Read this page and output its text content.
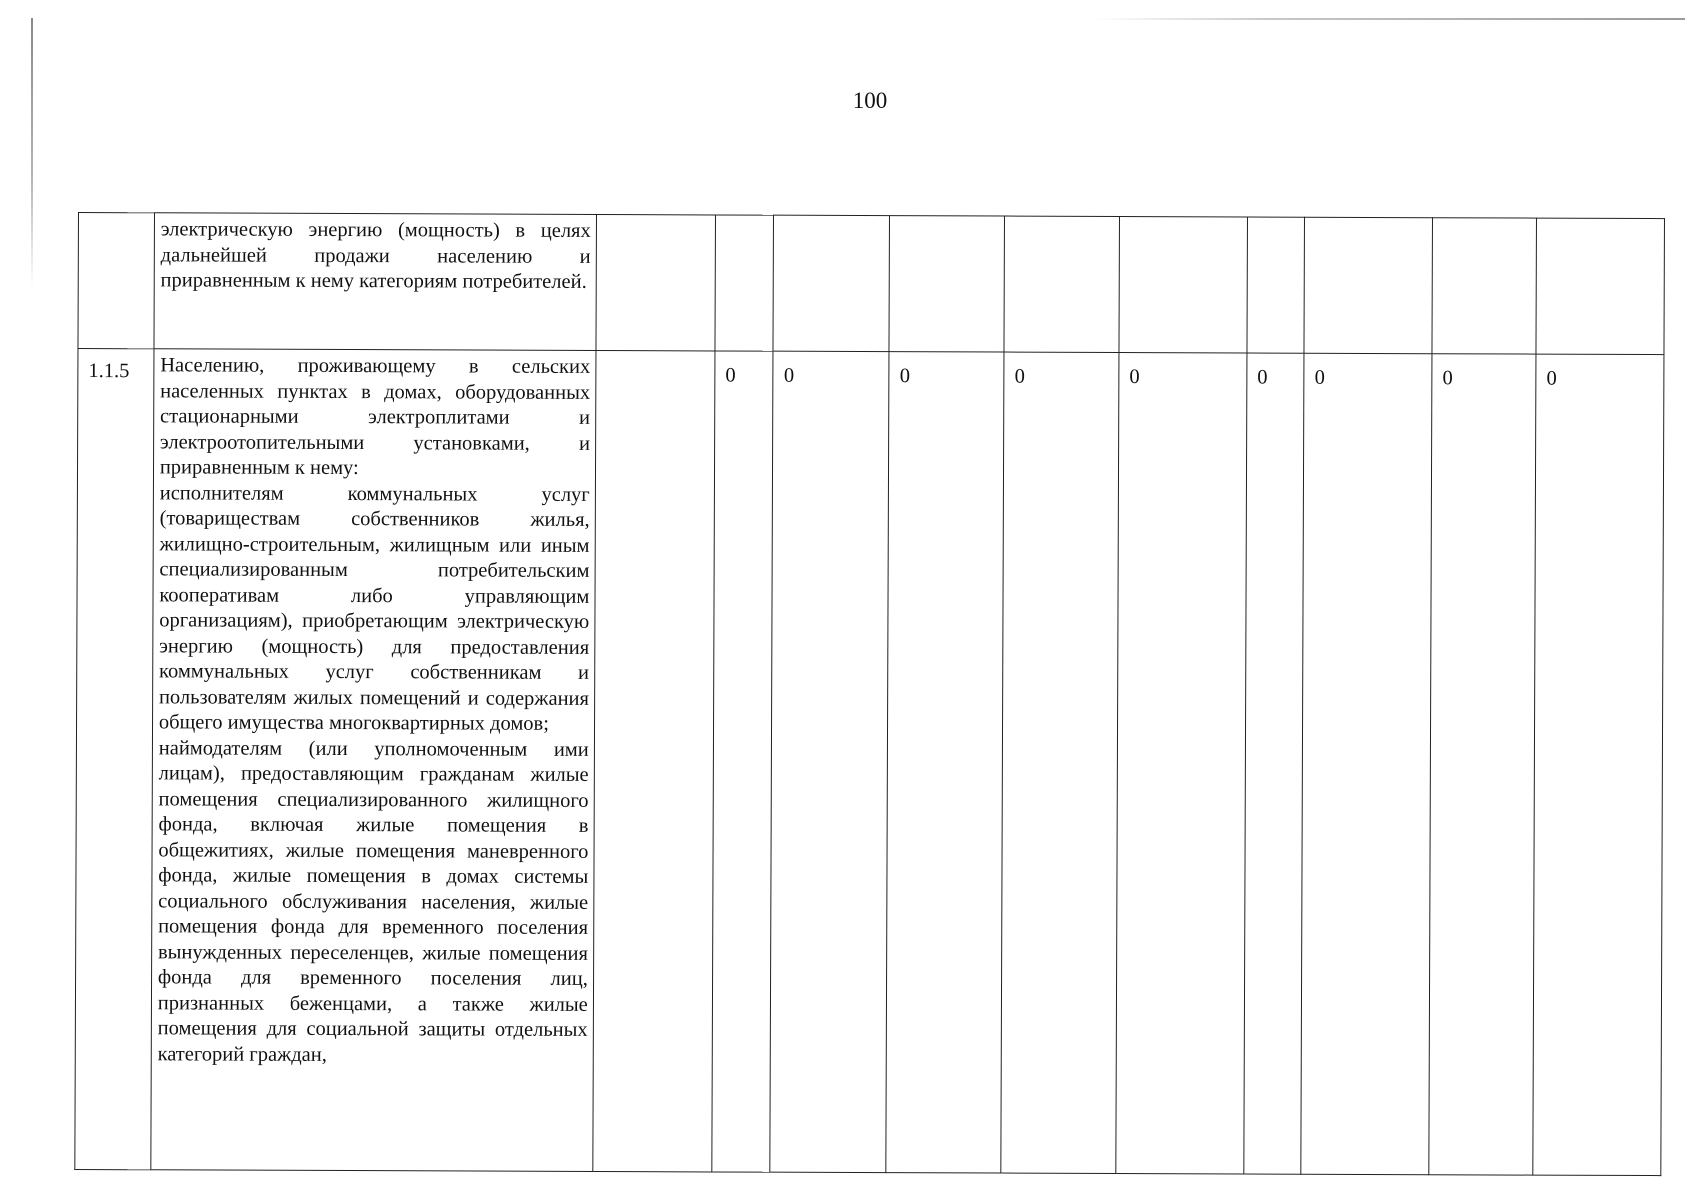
100

	электрическую энергию (мощность) в целях дальнейшей продажи населению и приравненным к нему категориям потребителей.										

1.1.5	Населению, проживающему в сельских населенных пунктах в домах, оборудованных стационарными электроплитами и электроотопительными установками, и приравненным к нему:
исполнителям коммунальных услуг (товариществам собственников жилья, жилищно-строительным, жилищным или иным специализированным потребительским кооперативам либо управляющим организациям), приобретающим электрическую энергию (мощность) для предоставления коммунальных услуг собственникам и пользователям жилых помещений и содержания общего имущества многоквартирных домов;
наймодателям (или уполномоченным ими лицам), предоставляющим гражданам жилые помещения специализированного жилищного фонда, включая жилые помещения в общежитиях, жилые помещения маневренного фонда, жилые помещения в домах системы социального обслуживания населения, жилые помещения фонда для временного поселения вынужденных переселенцев, жилые помещения фонда для временного поселения лиц, признанных беженцами, а также жилые помещения для социальной защиты отдельных категорий граждан,		0	0	0	0	0	0	0	0	0
